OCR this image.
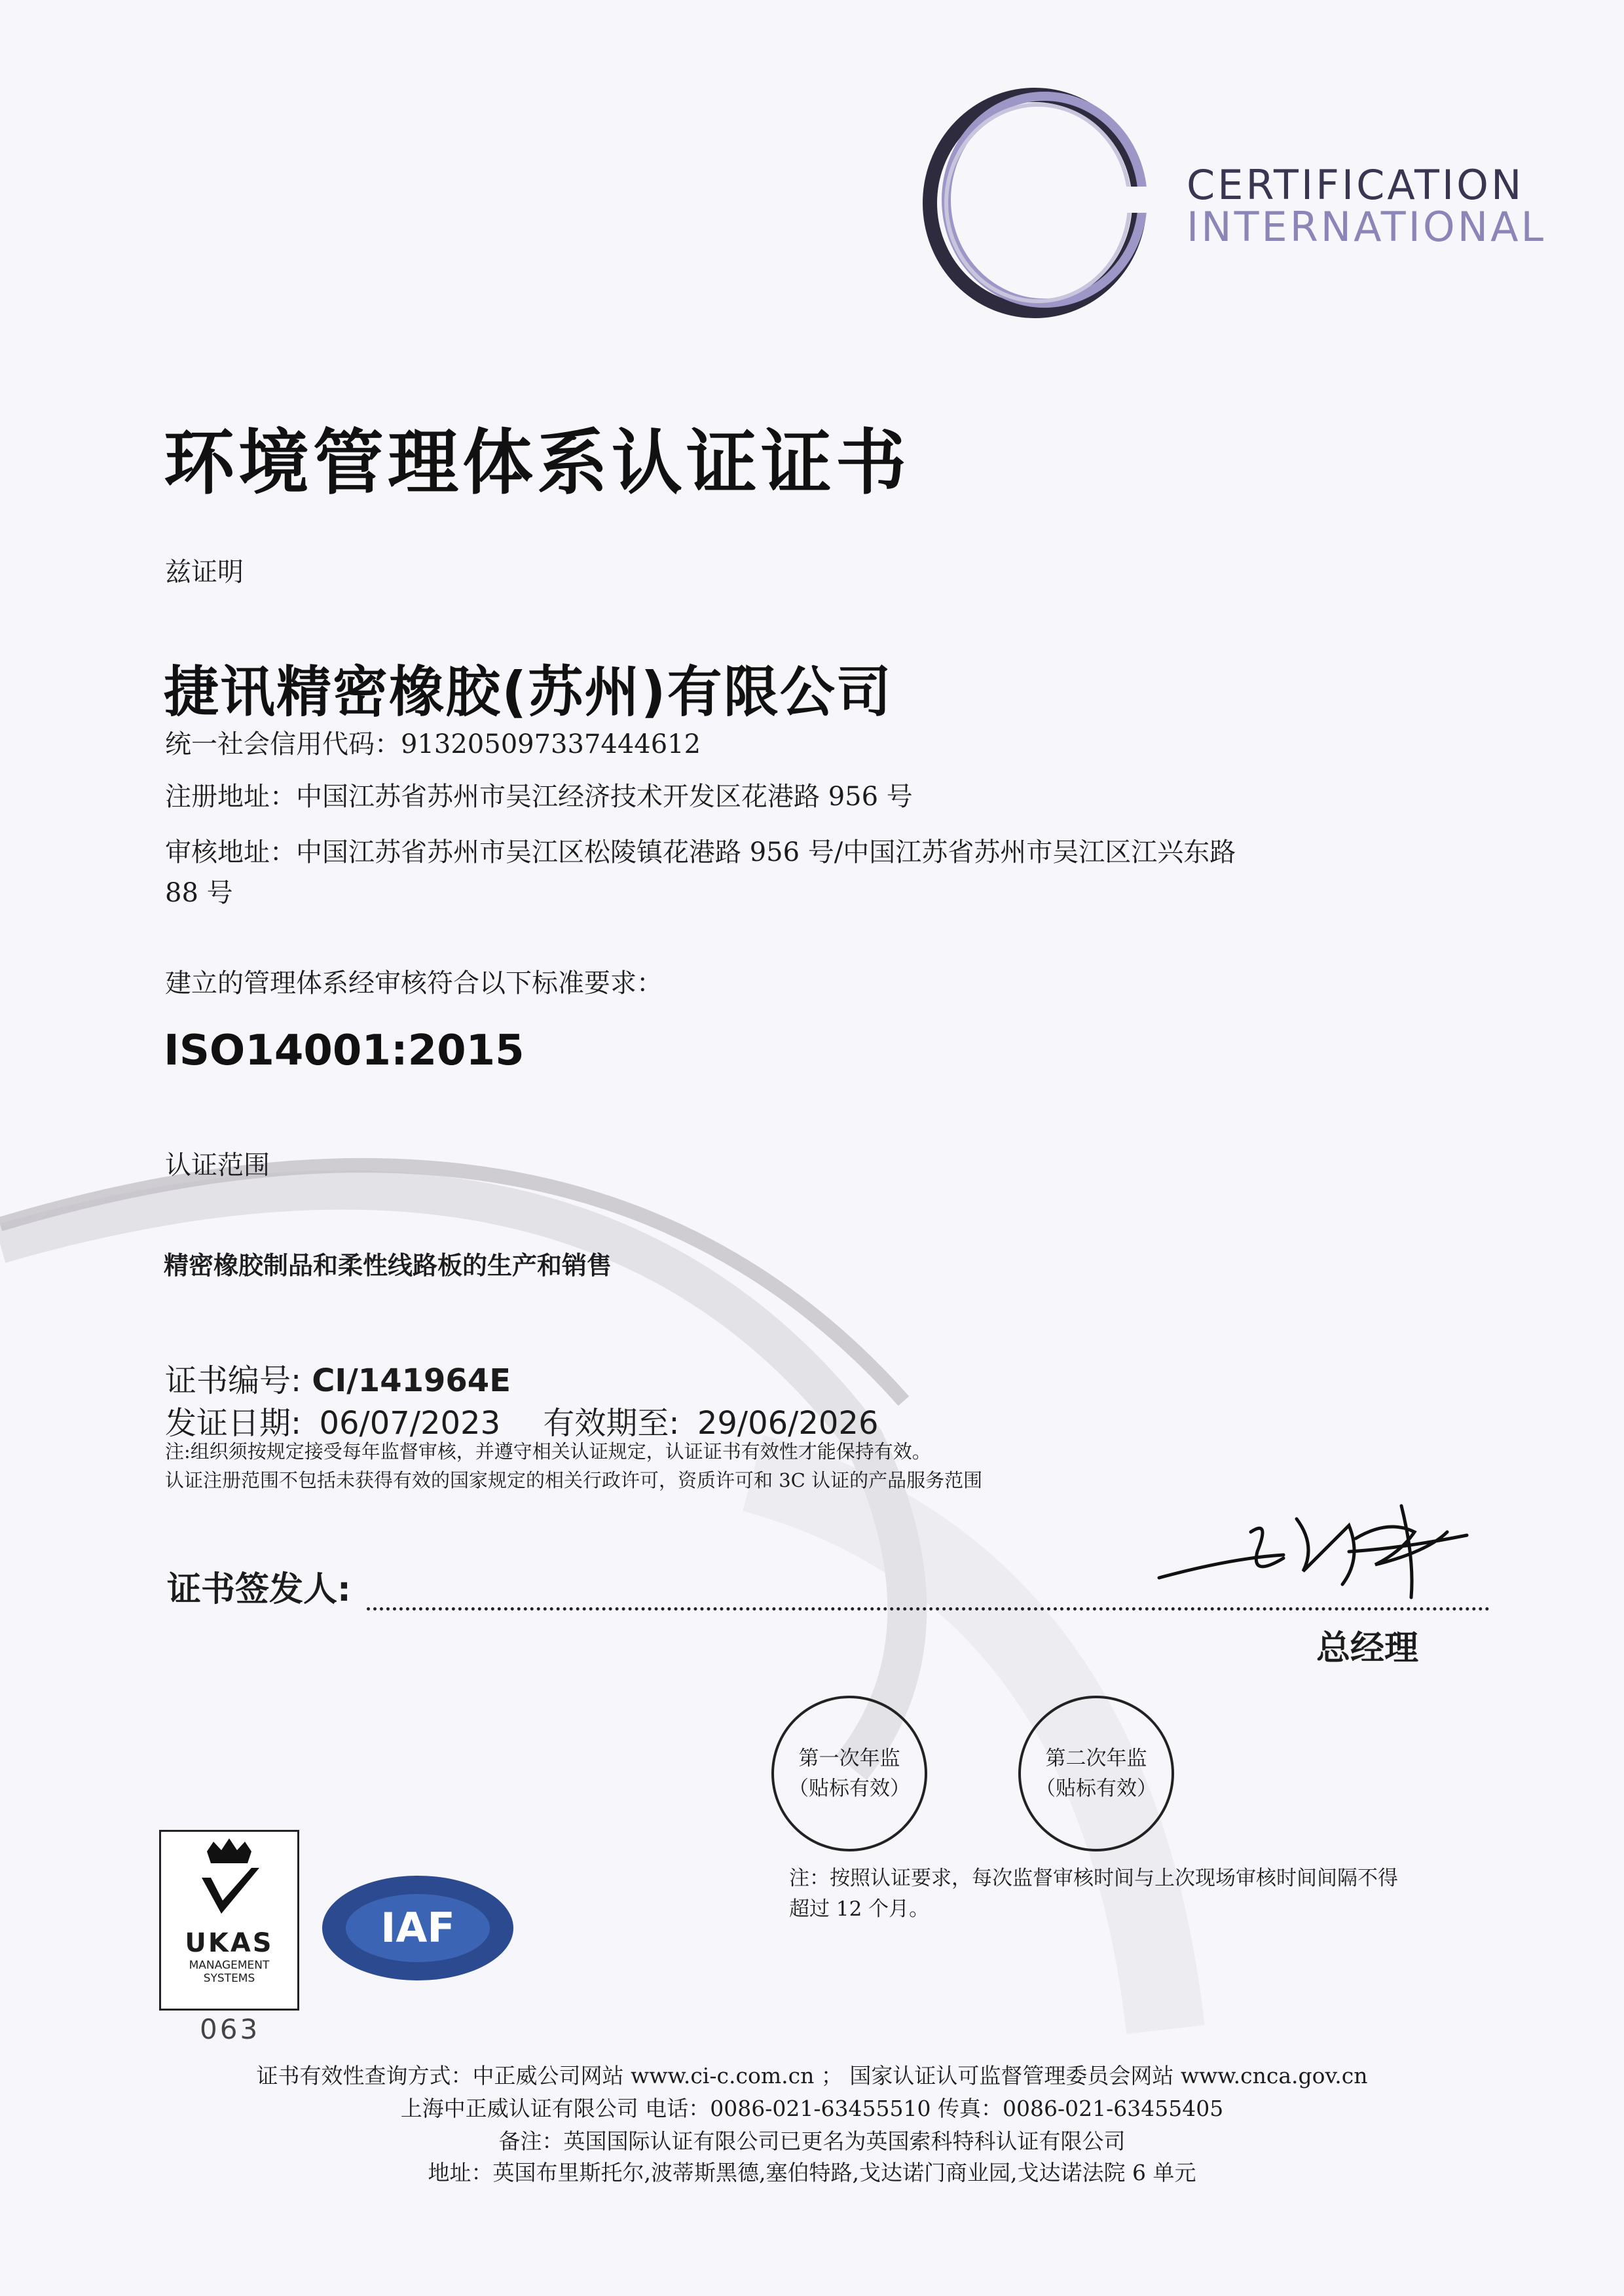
CERTIFICATION
INTERNATIONAL
环境管理体系认证证书
兹证明
捷讯精密橡胶(苏州)有限公司
统一社会信用代码：913205097337444612
注册地址：中国江苏省苏州市吴江经济技术开发区花港路 956 号
审核地址：中国江苏省苏州市吴江区松陵镇花港路 956 号/中国江苏省苏州市吴江区江兴东路
88 号
建立的管理体系经审核符合以下标准要求：
ISO14001:2015
认证范围
精密橡胶制品和柔性线路板的生产和销售
证书编号: CI/141964E
发证日期: 06/07/2023 有效期至: 29/06/2026
注:组织须按规定接受每年监督审核，并遵守相关认证规定，认证证书有效性才能保持有效。
认证注册范围不包括未获得有效的国家规定的相关行政许可，资质许可和 3C 认证的产品服务范围
证书签发人:
总经理
第一次年监
（贴标有效）
第二次年监
（贴标有效）
注：按照认证要求，每次监督审核时间与上次现场审核时间间隔不得
超过 12 个月。
UKAS
MANAGEMENT
SYSTEMS
063
IAF
证书有效性查询方式：中正威公司网站 www.ci-c.com.cn ； 国家认证认可监督管理委员会网站 www.cnca.gov.cn
上海中正威认证有限公司 电话：0086-021-63455510 传真：0086-021-63455405
备注：英国国际认证有限公司已更名为英国索科特科认证有限公司
地址：英国布里斯托尔,波蒂斯黑德,塞伯特路,戈达诺门商业园,戈达诺法院 6 单元
